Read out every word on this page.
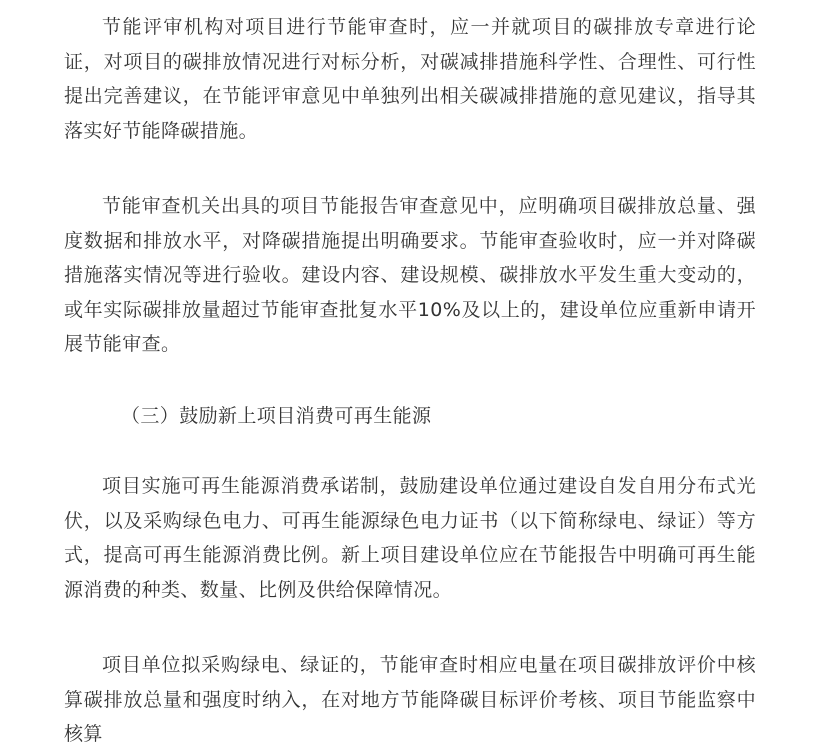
节能评审机构对项目进行节能审查时，应一并就项目的碳排放专章进行论证，对项目的碳排放情况进行对标分析，对碳减排措施科学性、合理性、可行性提出完善建议，在节能评审意见中单独列出相关碳减排措施的意见建议，指导其落实好节能降碳措施。

节能审查机关出具的项目节能报告审查意见中，应明确项目碳排放总量、强度数据和排放水平，对降碳措施提出明确要求。节能审查验收时，应一并对降碳措施落实情况等进行验收。建设内容、建设规模、碳排放水平发生重大变动的，或年实际碳排放量超过节能审查批复水平10%及以上的，建设单位应重新申请开展节能审查。

（三）鼓励新上项目消费可再生能源

项目实施可再生能源消费承诺制，鼓励建设单位通过建设自发自用分布式光伏，以及采购绿色电力、可再生能源绿色电力证书（以下简称绿电、绿证）等方式，提高可再生能源消费比例。新上项目建设单位应在节能报告中明确可再生能源消费的种类、数量、比例及供给保障情况。

项目单位拟采购绿电、绿证的，节能审查时相应电量在项目碳排放评价中核算碳排放总量和强度时纳入，在对地方节能降碳目标评价考核、项目节能监察中核算
